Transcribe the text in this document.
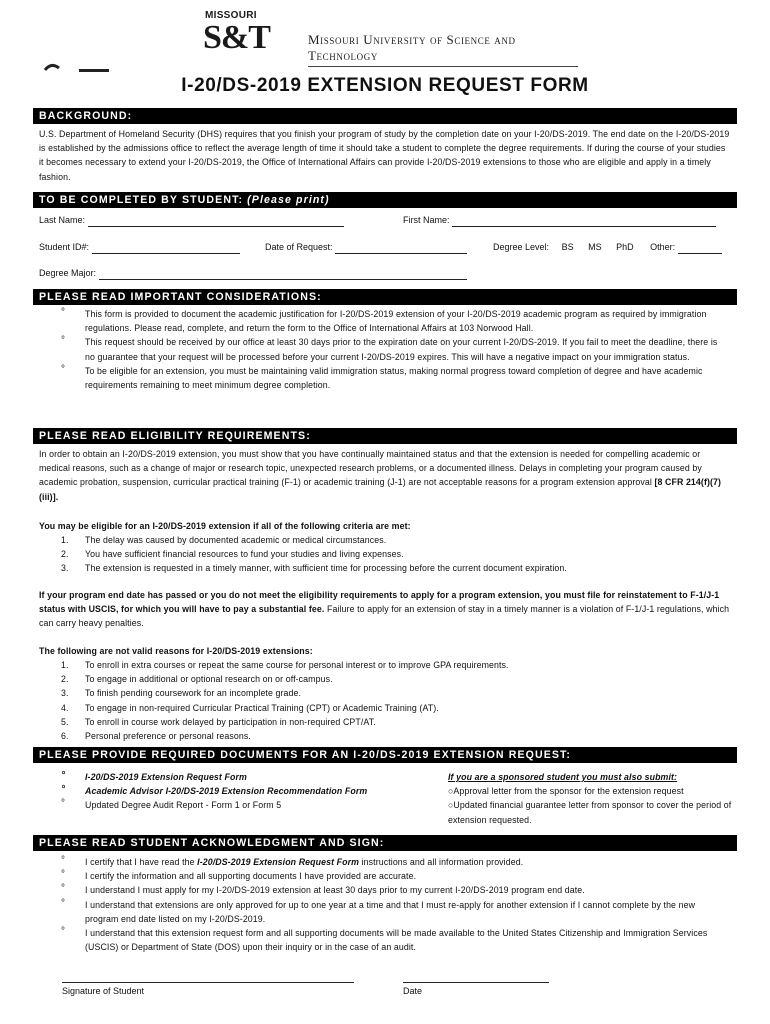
MISSOURI
S&T	Missouri University of Science and Technology
I-20/DS-2019 EXTENSION REQUEST FORM
BACKGROUND:
U.S. Department of Homeland Security (DHS) requires that you finish your program of study by the completion date on your I-20/DS-2019. The end date on the I-20/DS-2019 is established by the admissions office to reflect the average length of time it should take a student to complete the degree requirements. If during the course of your studies it becomes necessary to extend your I-20/DS-2019, the Office of International Affairs can provide I-20/DS-2019 extensions to those who are eligible and apply in a timely fashion.
TO BE COMPLETED BY STUDENT: (Please print)
Last Name:	First Name:
Student ID#:	Date of Request:	Degree Level: BS MS PhD Other:
Degree Major:
PLEASE READ IMPORTANT CONSIDERATIONS:
° This form is provided to document the academic justification for I-20/DS-2019 extension of your I-20/DS-2019 academic program as required by immigration regulations. Please read, complete, and return the form to the Office of International Affairs at 103 Norwood Hall.
° This request should be received by our office at least 30 days prior to the expiration date on your current I-20/DS-2019. If you fail to meet the deadline, there is no guarantee that your request will be processed before your current I-20/DS-2019 expires. This will have a negative impact on your immigration status.
° To be eligible for an extension, you must be maintaining valid immigration status, making normal progress toward completion of degree and have academic requirements remaining to meet minimum degree completion.
PLEASE READ ELIGIBILITY REQUIREMENTS:
In order to obtain an I-20/DS-2019 extension, you must show that you have continually maintained status and that the extension is needed for compelling academic or medical reasons, such as a change of major or research topic, unexpected research problems, or a documented illness. Delays in completing your program caused by academic probation, suspension, curricular practical training (F-1) or academic training (J-1) are not acceptable reasons for a program extension approval [8 CFR 214(f)(7)(iii)].
You may be eligible for an I-20/DS-2019 extension if all of the following criteria are met:
1. The delay was caused by documented academic or medical circumstances.
2. You have sufficient financial resources to fund your studies and living expenses.
3. The extension is requested in a timely manner, with sufficient time for processing before the current document expiration.
If your program end date has passed or you do not meet the eligibility requirements to apply for a program extension, you must file for reinstatement to F-1/J-1 status with USCIS, for which you will have to pay a substantial fee. Failure to apply for an extension of stay in a timely manner is a violation of F-1/J-1 regulations, which can carry heavy penalties.
The following are not valid reasons for I-20/DS-2019 extensions:
1. To enroll in extra courses or repeat the same course for personal interest or to improve GPA requirements.
2. To engage in additional or optional research on or off-campus.
3. To finish pending coursework for an incomplete grade.
4. To engage in non-required Curricular Practical Training (CPT) or Academic Training (AT).
5. To enroll in course work delayed by participation in non-required CPT/AT.
6. Personal preference or personal reasons.
PLEASE PROVIDE REQUIRED DOCUMENTS FOR AN I-20/DS-2019 EXTENSION REQUEST:
° I-20/DS-2019 Extension Request Form
° Academic Advisor I-20/DS-2019 Extension Recommendation Form
° Updated Degree Audit Report - Form 1 or Form 5
If you are a sponsored student you must also submit:
○Approval letter from the sponsor for the extension request
○Updated financial guarantee letter from sponsor to cover the period of extension requested.
PLEASE READ STUDENT ACKNOWLEDGMENT AND SIGN:
° I certify that I have read the I-20/DS-2019 Extension Request Form instructions and all information provided.
° I certify the information and all supporting documents I have provided are accurate.
° I understand I must apply for my I-20/DS-2019 extension at least 30 days prior to my current I-20/DS-2019 program end date.
° I understand that extensions are only approved for up to one year at a time and that I must re-apply for another extension if I cannot complete by the new program end date listed on my I-20/DS-2019.
° I understand that this extension request form and all supporting documents will be made available to the United States Citizenship and Immigration Services (USCIS) or Department of State (DOS) upon their inquiry or in the case of an audit.
Signature of Student	Date
